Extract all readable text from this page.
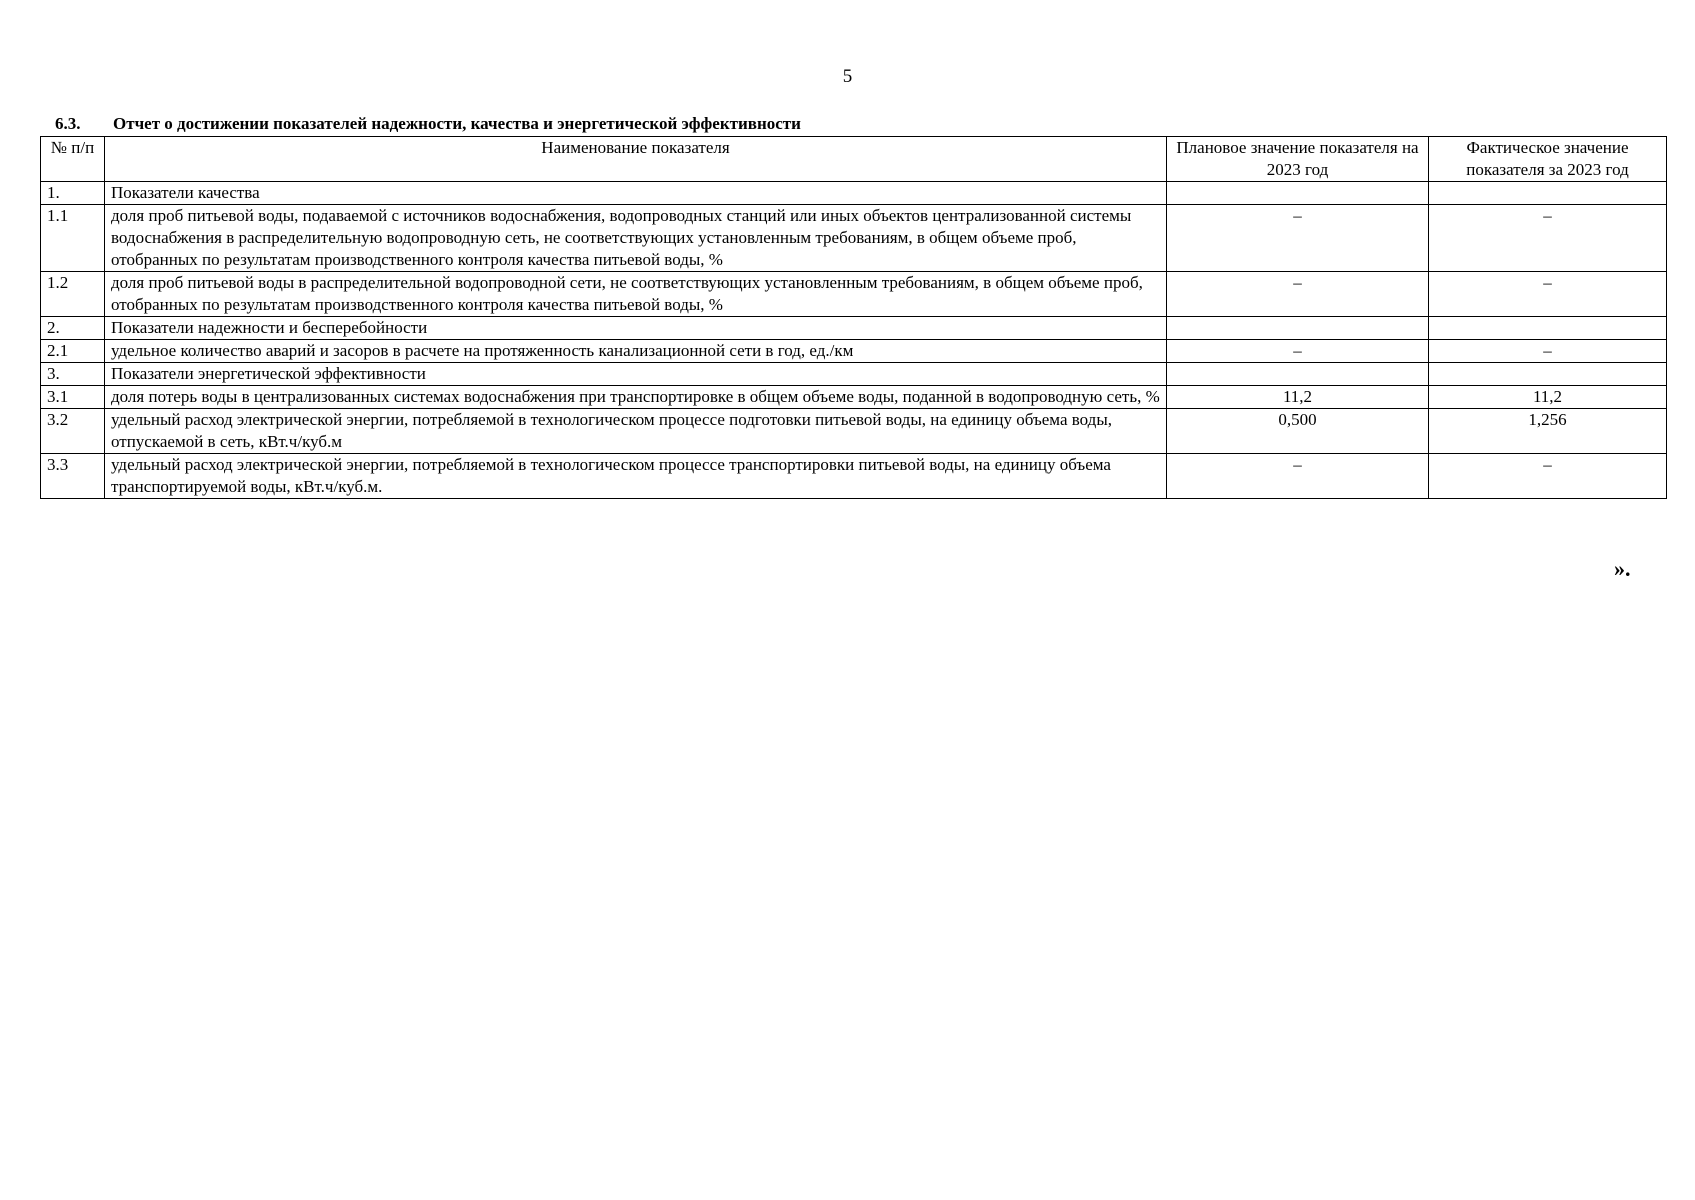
5
6.3. Отчет о достижении показателей надежности, качества и энергетической эффективности
№ п/п	Наименование показателя	Плановое значение показателя на 2023 год	Фактическое значение показателя за 2023 год
1.	Показатели качества		
1.1	доля проб питьевой воды, подаваемой с источников водоснабжения, водопроводных станций или иных объектов централизованной системы водоснабжения в распределительную водопроводную сеть, не соответствующих установленным требованиям, в общем объеме проб, отобранных по результатам производственного контроля качества питьевой воды, %	–	–
1.2	доля проб питьевой воды в распределительной водопроводной сети, не соответствующих установленным требованиям, в общем объеме проб, отобранных по результатам производственного контроля качества питьевой воды, %	–	–
2.	Показатели надежности и бесперебойности		
2.1	удельное количество аварий и засоров в расчете на протяженность канализационной сети в год, ед./км	–	–
3.	Показатели энергетической эффективности		
3.1	доля потерь воды в централизованных системах водоснабжения при транспортировке в общем объеме воды, поданной в водопроводную сеть, %	11,2	11,2
3.2	удельный расход электрической энергии, потребляемой в технологическом процессе подготовки питьевой воды, на единицу объема воды, отпускаемой в сеть, кВт.ч/куб.м	0,500	1,256
3.3	удельный расход электрической энергии, потребляемой в технологическом процессе транспортировки питьевой воды, на единицу объема транспортируемой воды, кВт.ч/куб.м.	–	–
».
